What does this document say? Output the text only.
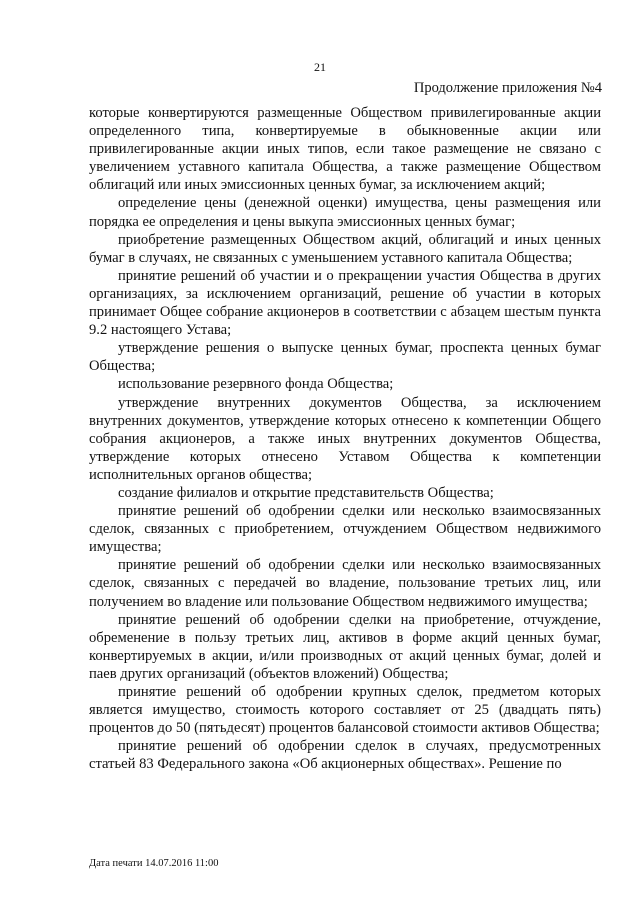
21
Продолжение приложения №4

которые конвертируются размещенные Обществом привилегированные акции определенного типа, конвертируемые в обыкновенные акции или привилегированные акции иных типов, если такое размещение не связано с увеличением уставного капитала Общества, а также размещение Обществом облигаций или иных эмиссионных ценных бумаг, за исключением акций;

определение цены (денежной оценки) имущества, цены размещения или порядка ее определения и цены выкупа эмиссионных ценных бумаг;

приобретение размещенных Обществом акций, облигаций и иных ценных бумаг в случаях, не связанных с уменьшением уставного капитала Общества;

принятие решений об участии и о прекращении участия Общества в других организациях, за исключением организаций, решение об участии в которых принимает Общее собрание акционеров в соответствии с абзацем шестым пункта 9.2 настоящего Устава;

утверждение решения о выпуске ценных бумаг, проспекта ценных бумаг Общества;

использование резервного фонда Общества;

утверждение внутренних документов Общества, за исключением внутренних документов, утверждение которых отнесено к компетенции Общего собрания акционеров, а также иных внутренних документов Общества, утверждение которых отнесено Уставом Общества к компетенции исполнительных органов общества;

создание филиалов и открытие представительств Общества;

принятие решений об одобрении сделки или несколько взаимосвязанных сделок, связанных с приобретением, отчуждением Обществом недвижимого имущества;

принятие решений об одобрении сделки или несколько взаимосвязанных сделок, связанных с передачей во владение, пользование третьих лиц, или получением во владение или пользование Обществом недвижимого имущества;

принятие решений об одобрении сделки на приобретение, отчуждение, обременение в пользу третьих лиц, активов в форме акций ценных бумаг, конвертируемых в акции, и/или производных от акций ценных бумаг, долей и паев других организаций (объектов вложений) Общества;

принятие решений об одобрении крупных сделок, предметом которых является имущество, стоимость которого составляет от 25 (двадцать пять) процентов до 50 (пятьдесят) процентов балансовой стоимости активов Общества;

принятие решений об одобрении сделок в случаях, предусмотренных статьей 83 Федерального закона «Об акционерных обществах». Решение по

Дата печати 14.07.2016 11:00
